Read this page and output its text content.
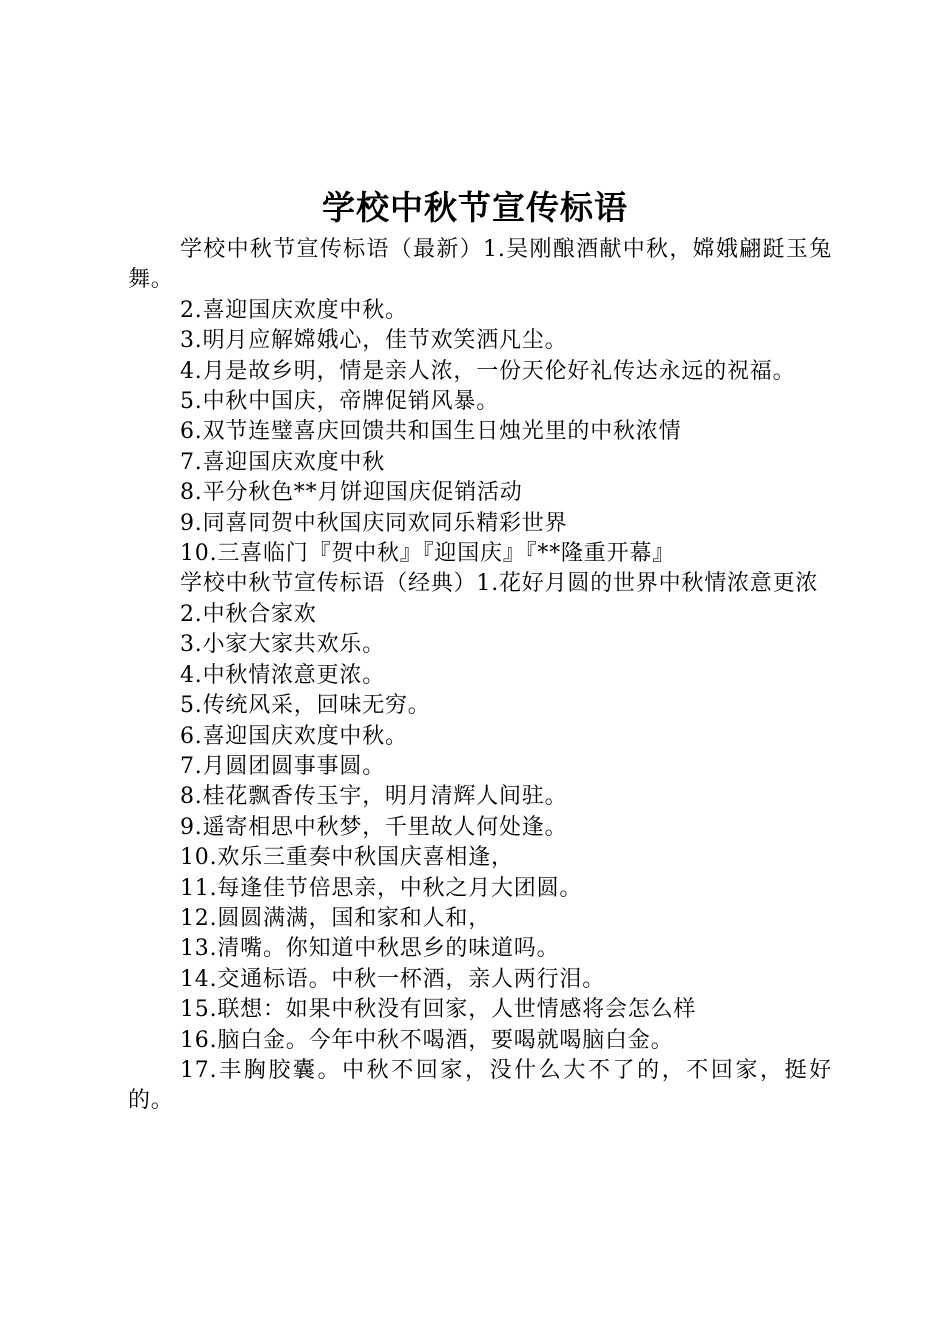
学校中秋节宣传标语

学校中秋节宣传标语（最新）1.吴刚酿酒献中秋，嫦娥翩跹玉兔舞。

2.喜迎国庆欢度中秋。

3.明月应解嫦娥心，佳节欢笑洒凡尘。

4.月是故乡明，情是亲人浓，一份天伦好礼传达永远的祝福。

5.中秋中国庆，帝牌促销风暴。

6.双节连璧喜庆回馈共和国生日烛光里的中秋浓情

7.喜迎国庆欢度中秋

8.平分秋色**月饼迎国庆促销活动

9.同喜同贺中秋国庆同欢同乐精彩世界

10.三喜临门『贺中秋』『迎国庆』『**隆重开幕』

学校中秋节宣传标语（经典）1.花好月圆的世界中秋情浓意更浓

2.中秋合家欢

3.小家大家共欢乐。

4.中秋情浓意更浓。

5.传统风采，回味无穷。

6.喜迎国庆欢度中秋。

7.月圆团圆事事圆。

8.桂花飘香传玉宇，明月清辉人间驻。

9.遥寄相思中秋梦，千里故人何处逢。

10.欢乐三重奏中秋国庆喜相逢，

11.每逢佳节倍思亲，中秋之月大团圆。

12.圆圆满满，国和家和人和，

13.清嘴。你知道中秋思乡的味道吗。

14.交通标语。中秋一杯酒，亲人两行泪。

15.联想：如果中秋没有回家，人世情感将会怎么样

16.脑白金。今年中秋不喝酒，要喝就喝脑白金。

17.丰胸胶囊。中秋不回家，没什么大不了的，不回家，挺好的。
